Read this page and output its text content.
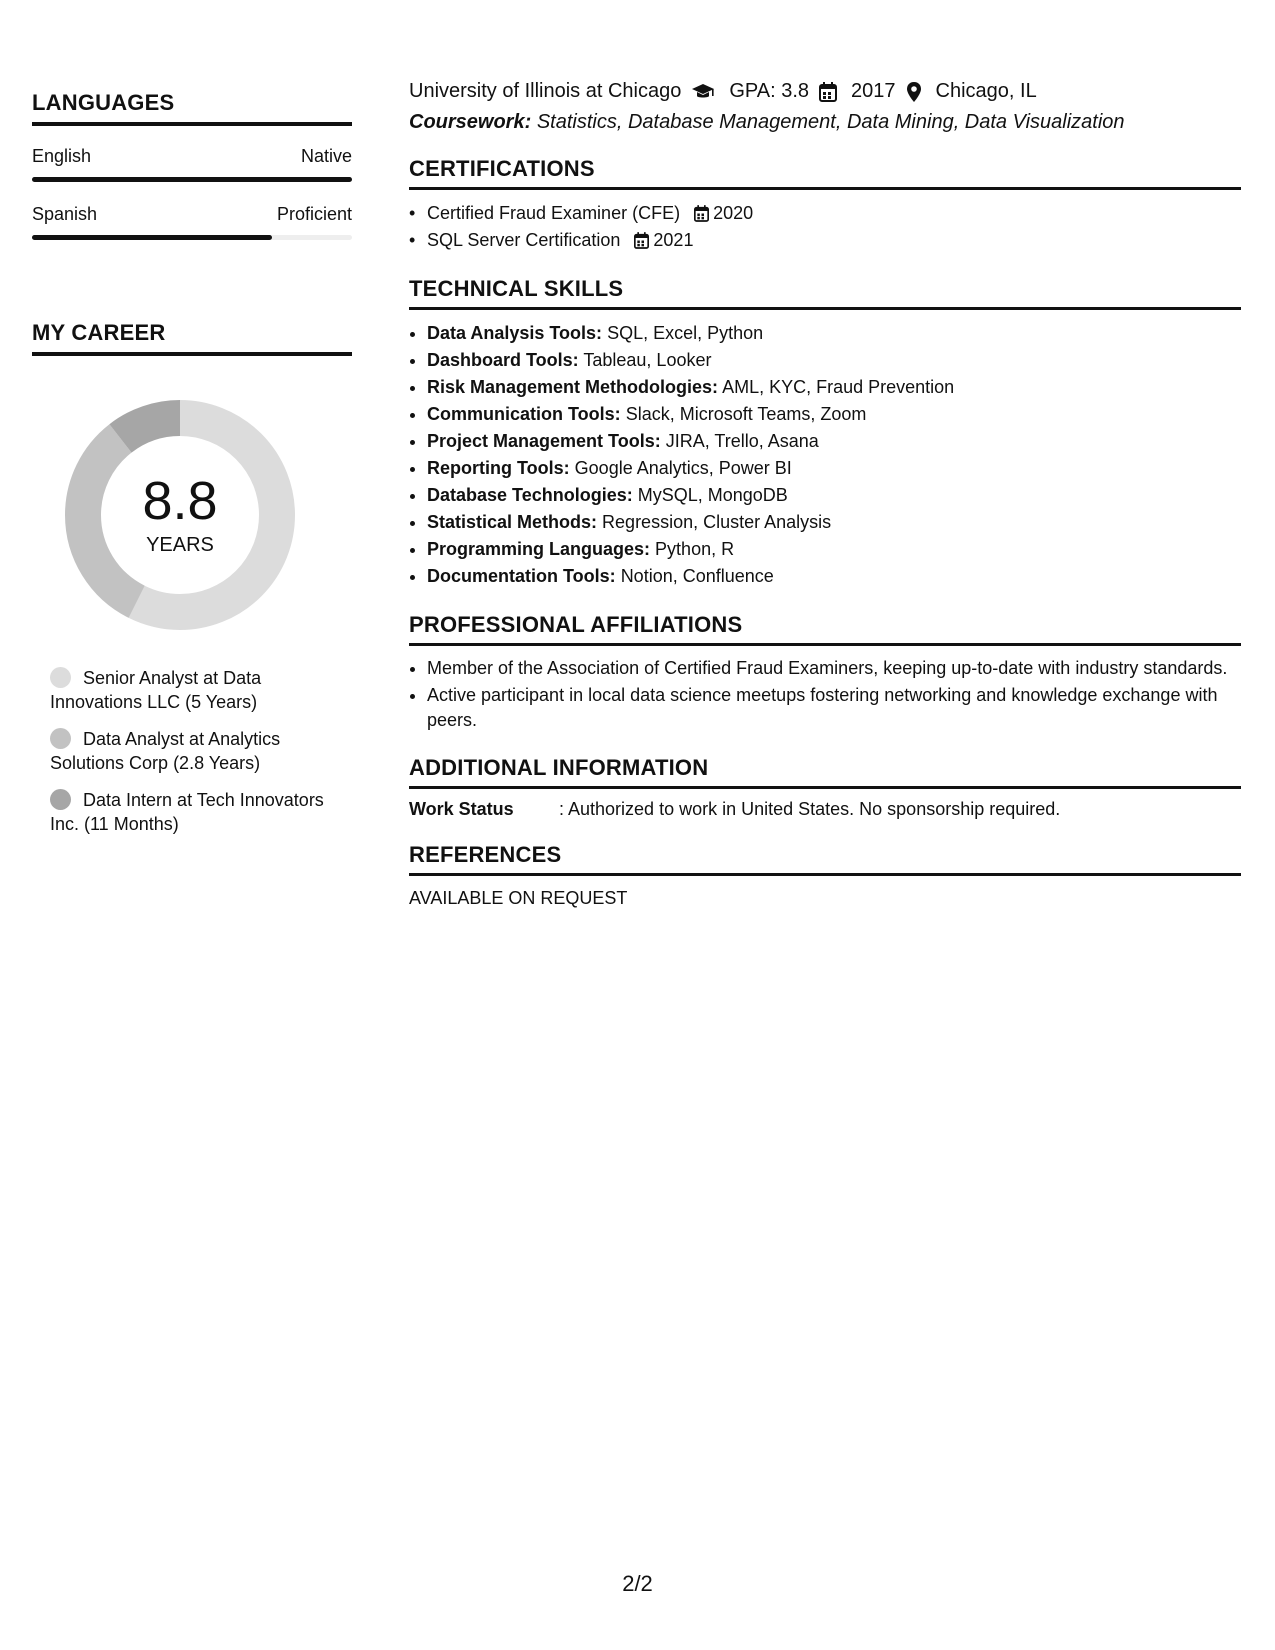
LANGUAGES
English	Native
Spanish	Proficient
MY CAREER
8.8
YEARS
Senior Analyst at Data Innovations LLC (5 Years)
Data Analyst at Analytics Solutions Corp (2.8 Years)
Data Intern at Tech Innovators Inc. (11 Months)
University of Illinois at Chicago GPA: 3.8 2017 Chicago, IL
Coursework: Statistics, Database Management, Data Mining, Data Visualization
CERTIFICATIONS
• Certified Fraud Examiner (CFE) 2020
• SQL Server Certification 2021
TECHNICAL SKILLS
• Data Analysis Tools: SQL, Excel, Python
• Dashboard Tools: Tableau, Looker
• Risk Management Methodologies: AML, KYC, Fraud Prevention
• Communication Tools: Slack, Microsoft Teams, Zoom
• Project Management Tools: JIRA, Trello, Asana
• Reporting Tools: Google Analytics, Power BI
• Database Technologies: MySQL, MongoDB
• Statistical Methods: Regression, Cluster Analysis
• Programming Languages: Python, R
• Documentation Tools: Notion, Confluence
PROFESSIONAL AFFILIATIONS
• Member of the Association of Certified Fraud Examiners, keeping up-to-date with industry standards.
• Active participant in local data science meetups fostering networking and knowledge exchange with peers.
ADDITIONAL INFORMATION
Work Status	: Authorized to work in United States. No sponsorship required.
REFERENCES
AVAILABLE ON REQUEST
2/2
